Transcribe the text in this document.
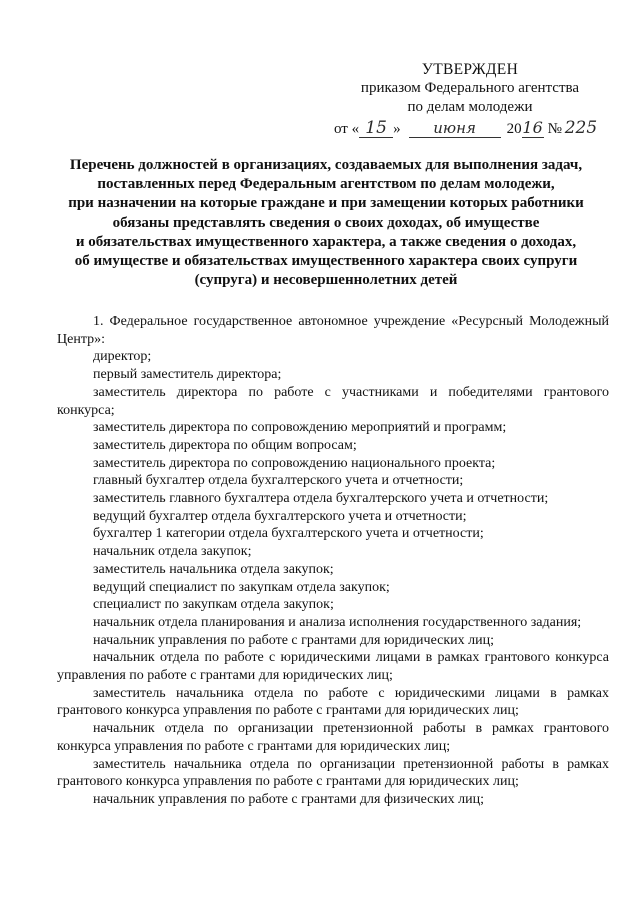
УТВЕРЖДЕН
приказом Федерального агентства
по делам молодежи
от « 15 »	июня	20 16 № 225
Перечень должностей в организациях, создаваемых для выполнения задач,
поставленных перед Федеральным агентством по делам молодежи,
при назначении на которые граждане и при замещении которых работники
обязаны представлять сведения о своих доходах, об имуществе
и обязательствах имущественного характера, а также сведения о доходах,
об имуществе и обязательствах имущественного характера своих супруги
(супруга) и несовершеннолетних детей

1. Федеральное государственное автономное учреждение «Ресурсный Молодежный Центр»:

директор;

первый заместитель директора;

заместитель директора по работе с участниками и победителями грантового конкурса;

заместитель директора по сопровождению мероприятий и программ;

заместитель директора по общим вопросам;

заместитель директора по сопровождению национального проекта;

главный бухгалтер отдела бухгалтерского учета и отчетности;

заместитель главного бухгалтера отдела бухгалтерского учета и отчетности;

ведущий бухгалтер отдела бухгалтерского учета и отчетности;

бухгалтер 1 категории отдела бухгалтерского учета и отчетности;

начальник отдела закупок;

заместитель начальника отдела закупок;

ведущий специалист по закупкам отдела закупок;

специалист по закупкам отдела закупок;

начальник отдела планирования и анализа исполнения государственного задания;

начальник управления по работе с грантами для юридических лиц;

начальник отдела по работе с юридическими лицами в рамках грантового конкурса управления по работе с грантами для юридических лиц;

заместитель начальника отдела по работе с юридическими лицами в рамках грантового конкурса управления по работе с грантами для юридических лиц;

начальник отдела по организации претензионной работы в рамках грантового конкурса управления по работе с грантами для юридических лиц;

заместитель начальника отдела по организации претензионной работы в рамках грантового конкурса управления по работе с грантами для юридических лиц;

начальник управления по работе с грантами для физических лиц;
